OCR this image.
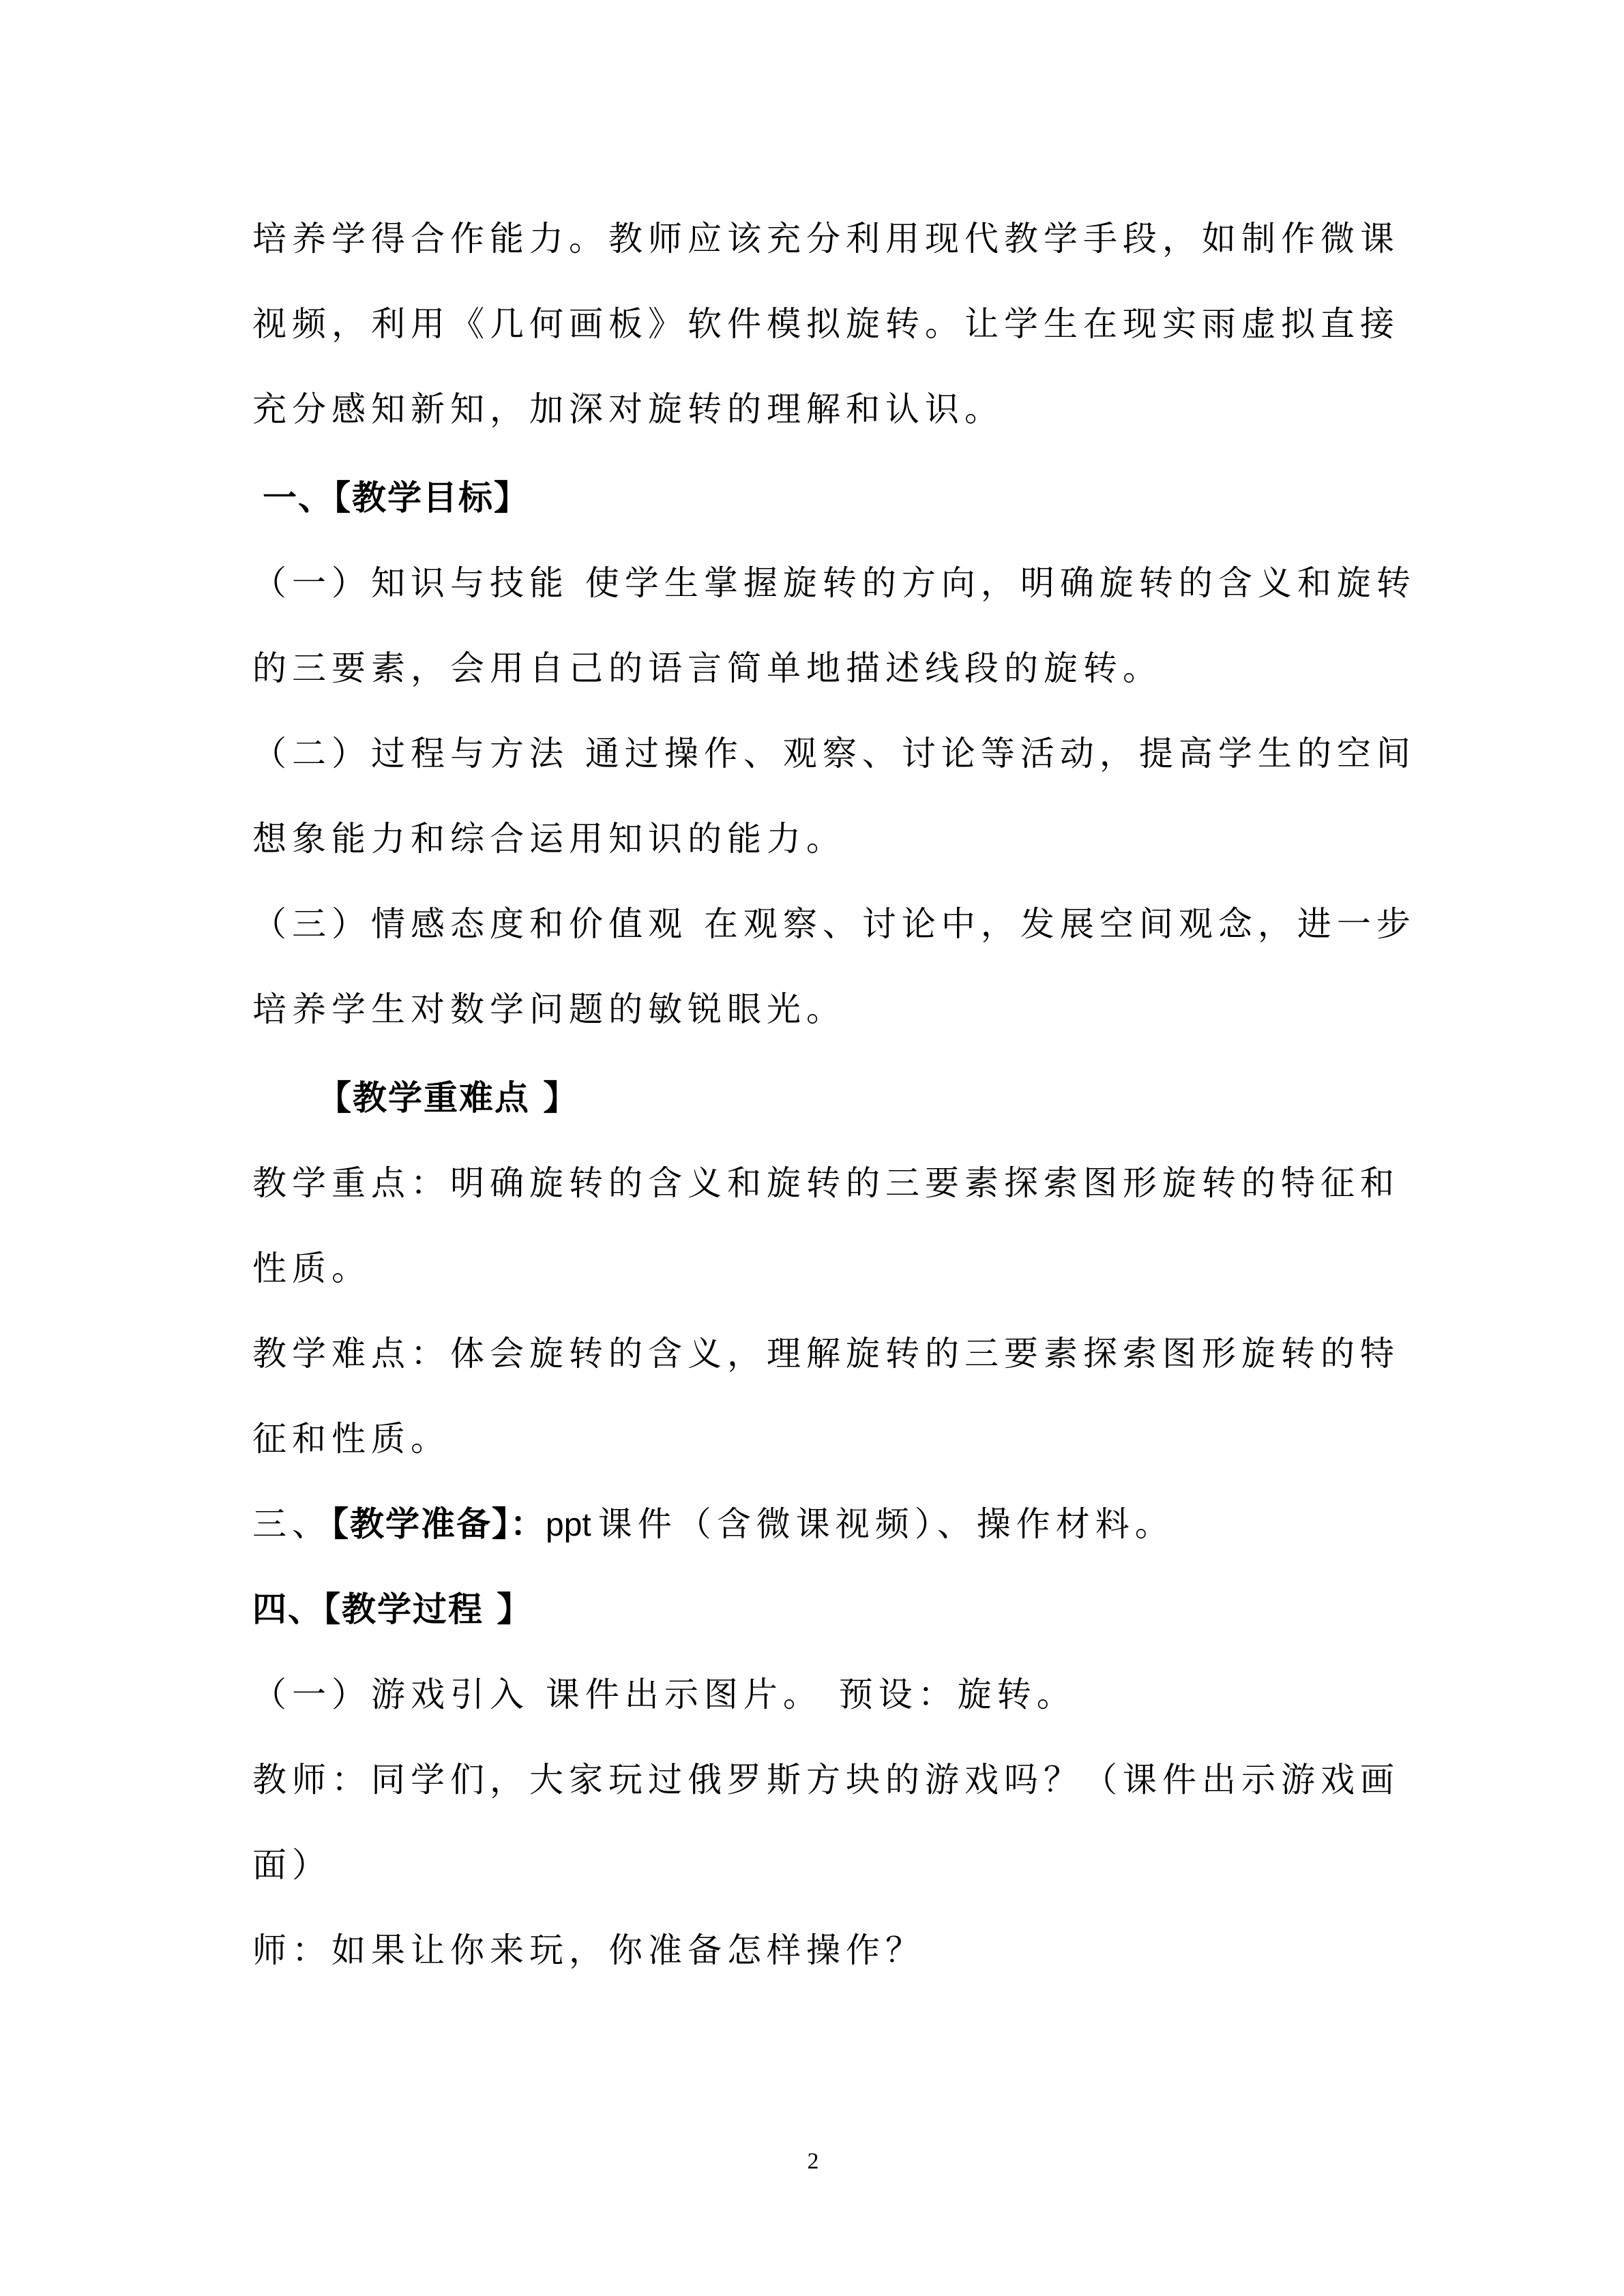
培养学得合作能力。教师应该充分利用现代教学手段，如制作微课
视频，利用《几何画板》软件模拟旋转。让学生在现实雨虚拟直接
充分感知新知，加深对旋转的理解和认识。
一、【教学目标】
（一）知识与技能 使学生掌握旋转的方向，明确旋转的含义和旋转
的三要素，会用自己的语言简单地描述线段的旋转。
（二）过程与方法 通过操作、观察、讨论等活动，提高学生的空间
想象能力和综合运用知识的能力。
（三）情感态度和价值观 在观察、讨论中，发展空间观念，进一步
培养学生对数学问题的敏锐眼光。
【教学重难点 】
教学重点：明确旋转的含义和旋转的三要素探索图形旋转的特征和
性质。
教学难点：体会旋转的含义，理解旋转的三要素探索图形旋转的特
征和性质。
三、【教学准备】：ppt 课件（含微课视频）、操作材料。
四、【教学过程 】
（一）游戏引入 课件出示图片。 预设：旋转。
教师：同学们，大家玩过俄罗斯方块的游戏吗？（课件出示游戏画
面）
师：如果让你来玩，你准备怎样操作？
2
